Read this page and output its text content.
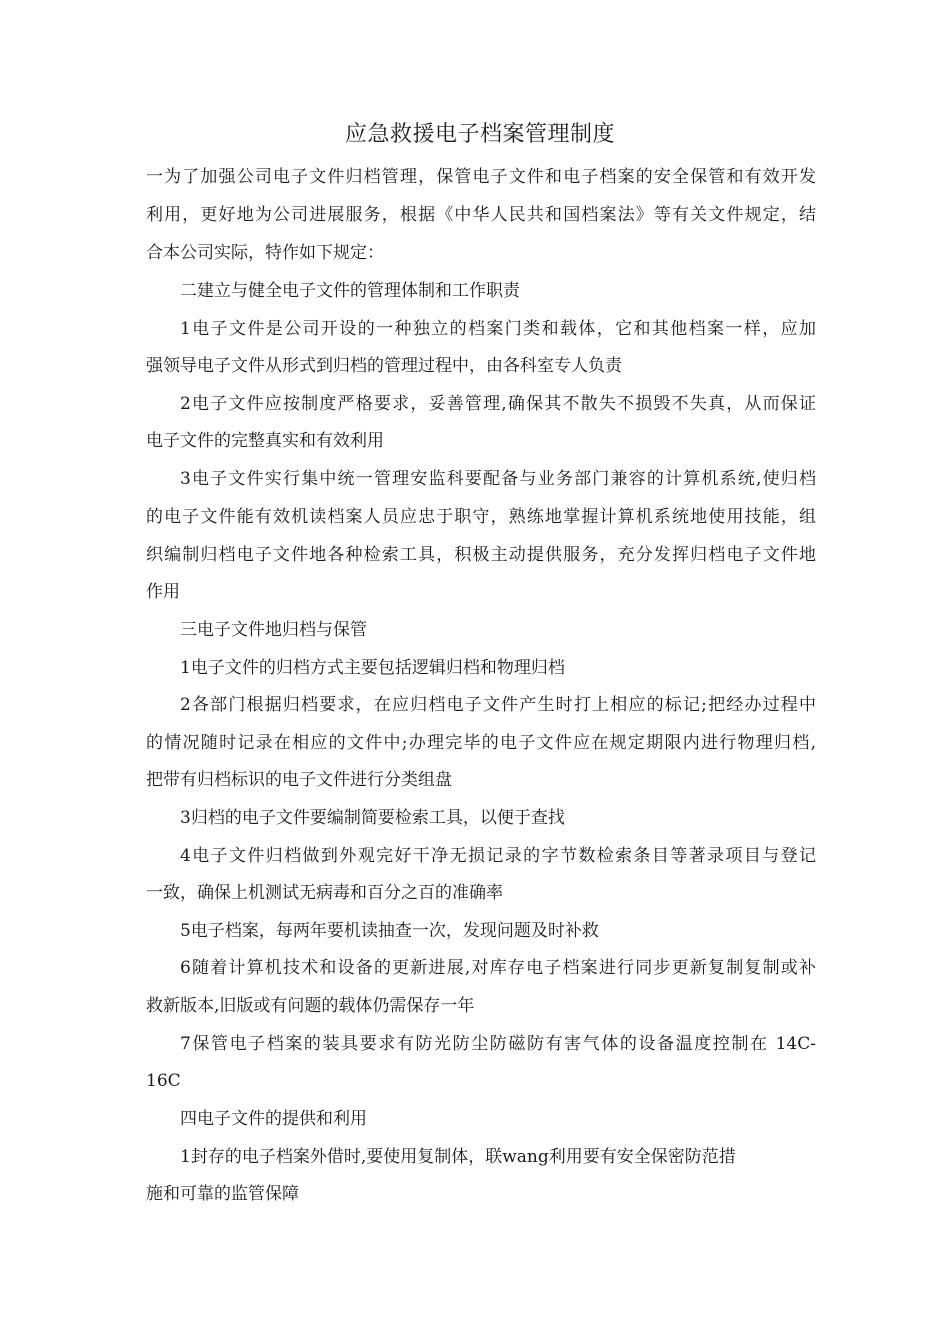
应急救援电子档案管理制度
一为了加强公司电子文件归档管理，保管电子文件和电子档案的安全保管和有效开发
利用，更好地为公司进展服务，根据《中华人民共和国档案法》等有关文件规定，结
合本公司实际，特作如下规定：
二建立与健全电子文件的管理体制和工作职责
1电子文件是公司开设的一种独立的档案门类和载体，它和其他档案一样，应加
强领导电子文件从形式到归档的管理过程中，由各科室专人负责
2电子文件应按制度严格要求，妥善管理,确保其不散失不损毁不失真，从而保证
电子文件的完整真实和有效利用
3电子文件实行集中统一管理安监科要配备与业务部门兼容的计算机系统,使归档
的电子文件能有效机读档案人员应忠于职守，熟练地掌握计算机系统地使用技能，组
织编制归档电子文件地各种检索工具，积极主动提供服务，充分发挥归档电子文件地
作用
三电子文件地归档与保管
1电子文件的归档方式主要包括逻辑归档和物理归档
2各部门根据归档要求，在应归档电子文件产生时打上相应的标记;把经办过程中
的情况随时记录在相应的文件中;办理完毕的电子文件应在规定期限内进行物理归档,
把带有归档标识的电子文件进行分类组盘
3归档的电子文件要编制简要检索工具，以便于查找
4电子文件归档做到外观完好干净无损记录的字节数检索条目等著录项目与登记
一致，确保上机测试无病毒和百分之百的准确率
5电子档案，每两年要机读抽查一次，发现问题及时补救
6随着计算机技术和设备的更新进展,对库存电子档案进行同步更新复制复制或补
救新版本,旧版或有问题的载体仍需保存一年
7保管电子档案的装具要求有防光防尘防磁防有害气体的设备温度控制在 14C-
16C
四电子文件的提供和利用
1封存的电子档案外借时,要使用复制体，联wang利用要有安全保密防范措
施和可靠的监管保障
